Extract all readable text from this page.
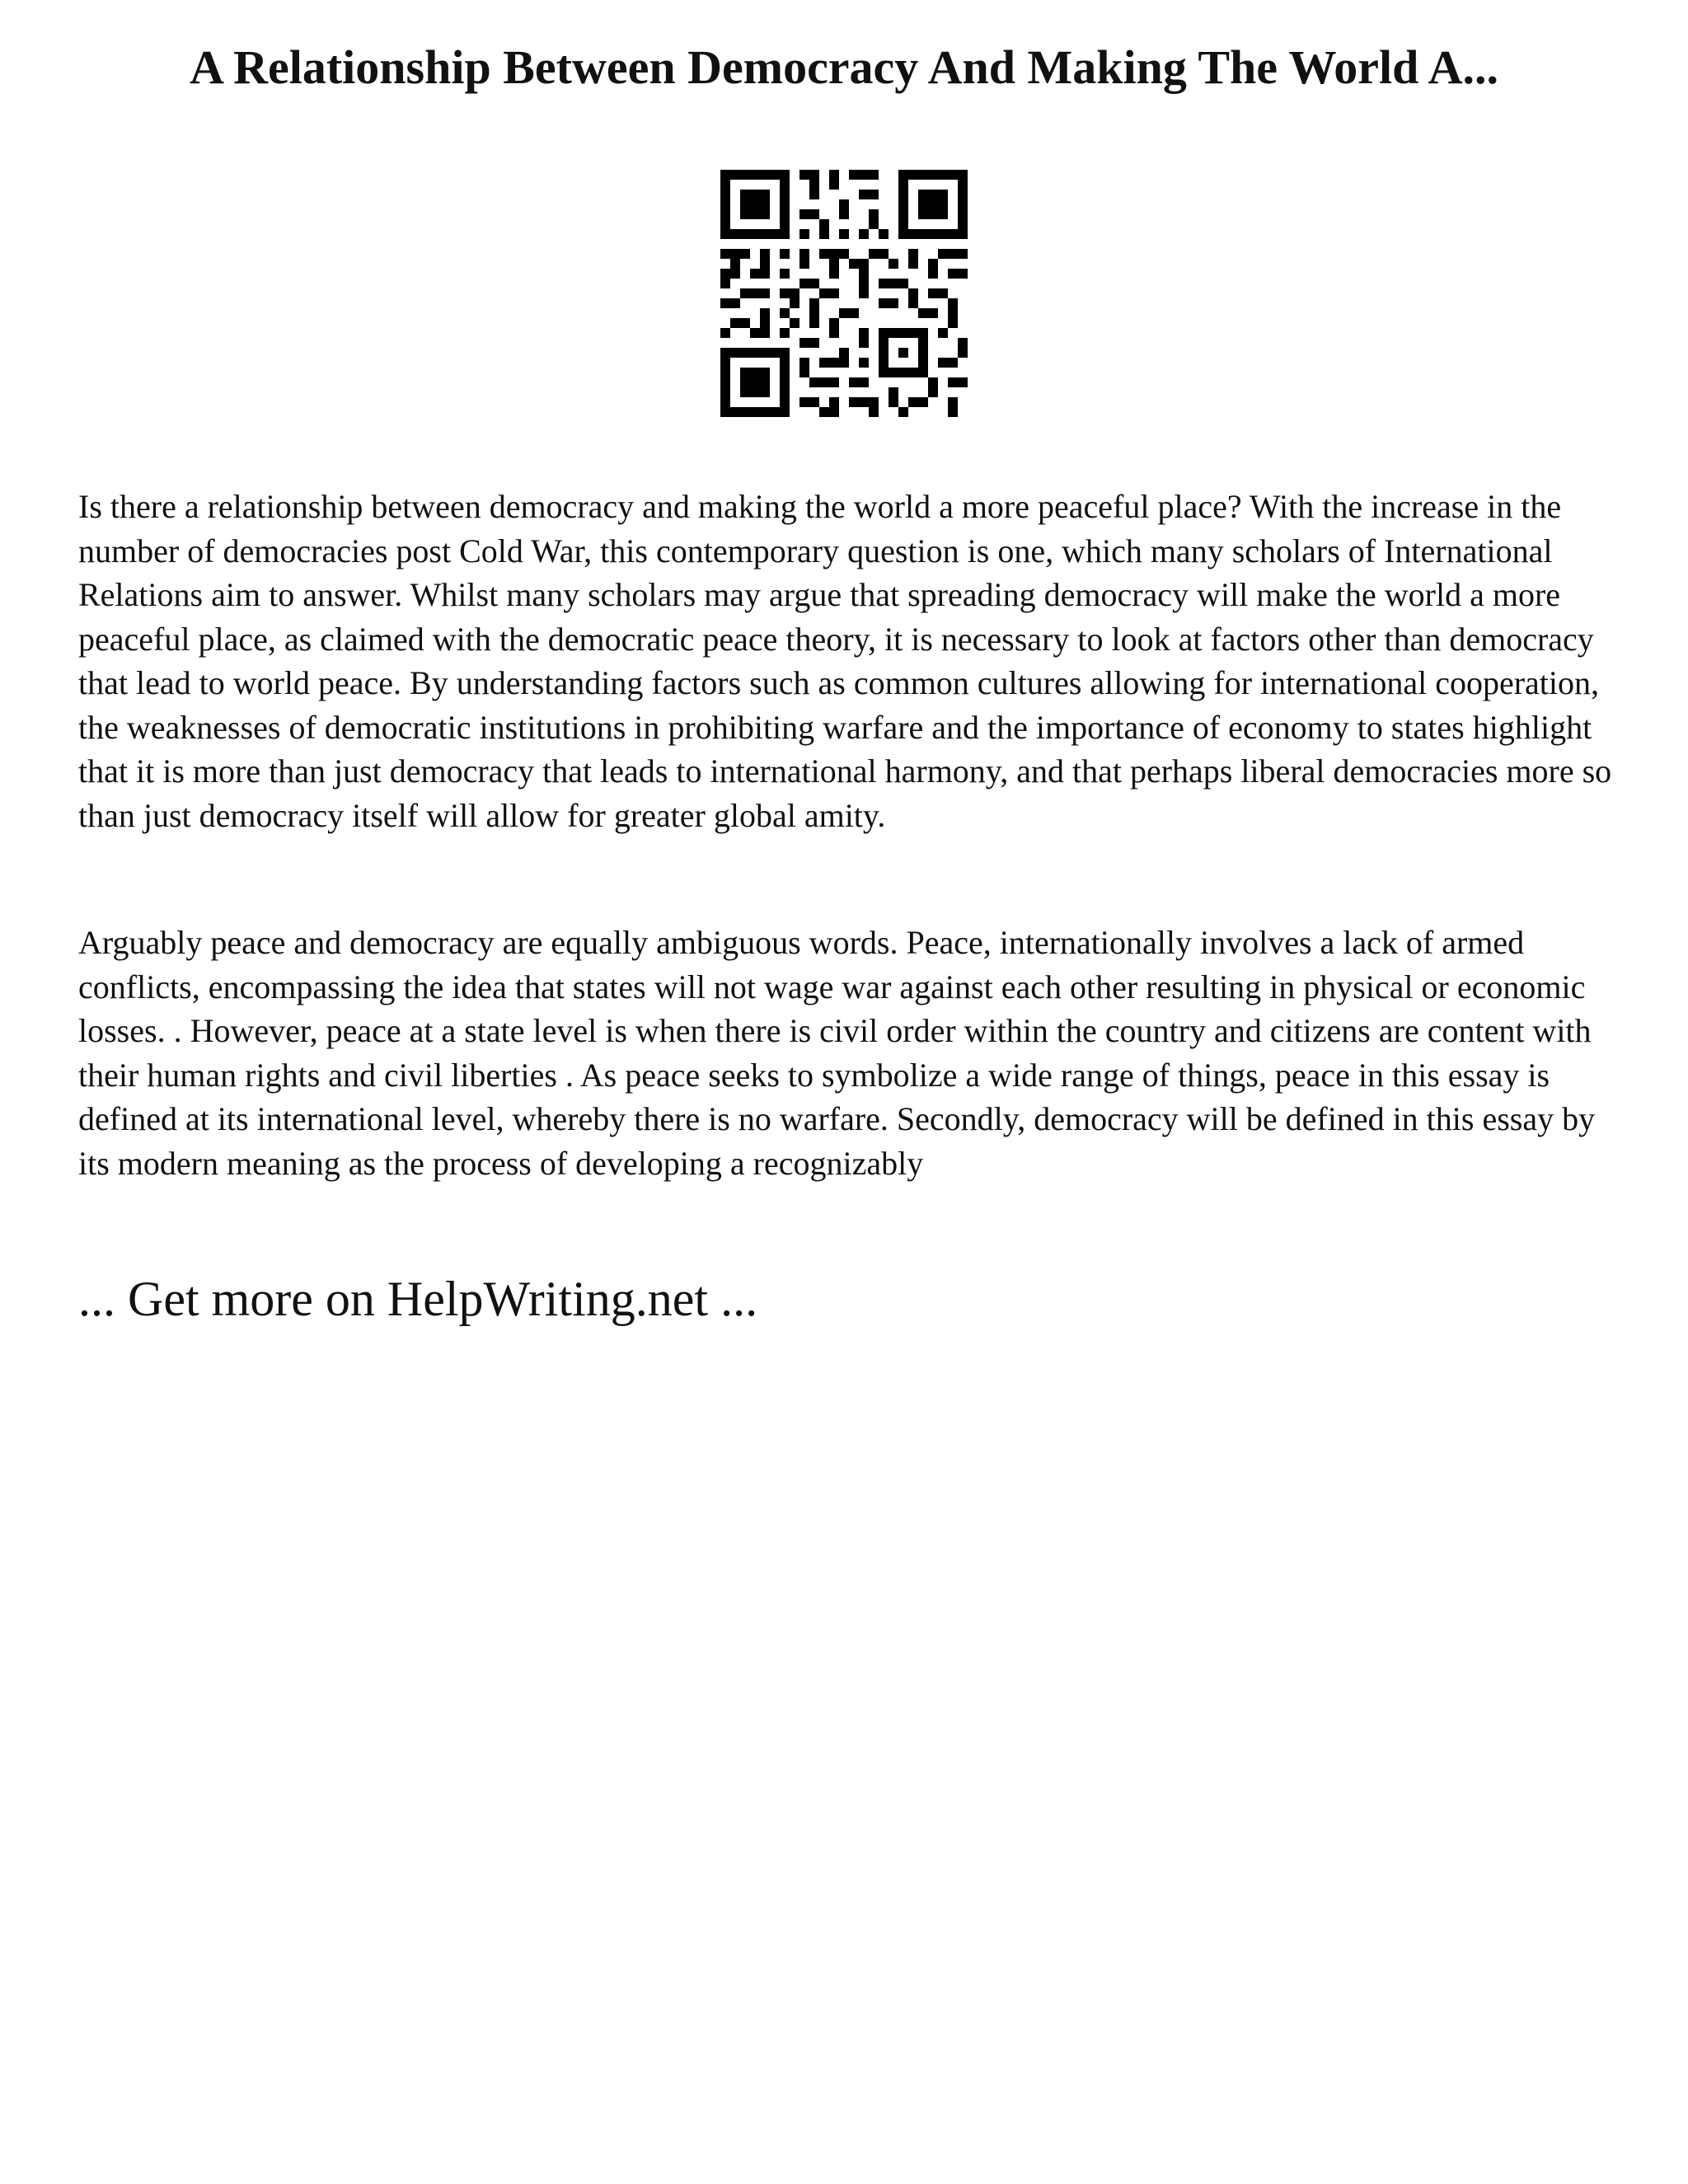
A Relationship Between Democracy And Making The World A...

Is there a relationship between democracy and making the world a more peaceful place? With the increase in the number of democracies post Cold War, this contemporary question is one, which many scholars of International Relations aim to answer. Whilst many scholars may argue that spreading democracy will make the world a more peaceful place, as claimed with the democratic peace theory, it is necessary to look at factors other than democracy that lead to world peace. By understanding factors such as common cultures allowing for international cooperation, the weaknesses of democratic institutions in prohibiting warfare and the importance of economy to states highlight that it is more than just democracy that leads to international harmony, and that perhaps liberal democracies more so than just democracy itself will allow for greater global amity.

Arguably peace and democracy are equally ambiguous words. Peace, internationally involves a lack of armed conflicts, encompassing the idea that states will not wage war against each other resulting in physical or economic losses. . However, peace at a state level is when there is civil order within the country and citizens are content with their human rights and civil liberties . As peace seeks to symbolize a wide range of things, peace in this essay is defined at its international level, whereby there is no warfare. Secondly, democracy will be defined in this essay by its modern meaning as the process of developing a recognizably

... Get more on HelpWriting.net ...
